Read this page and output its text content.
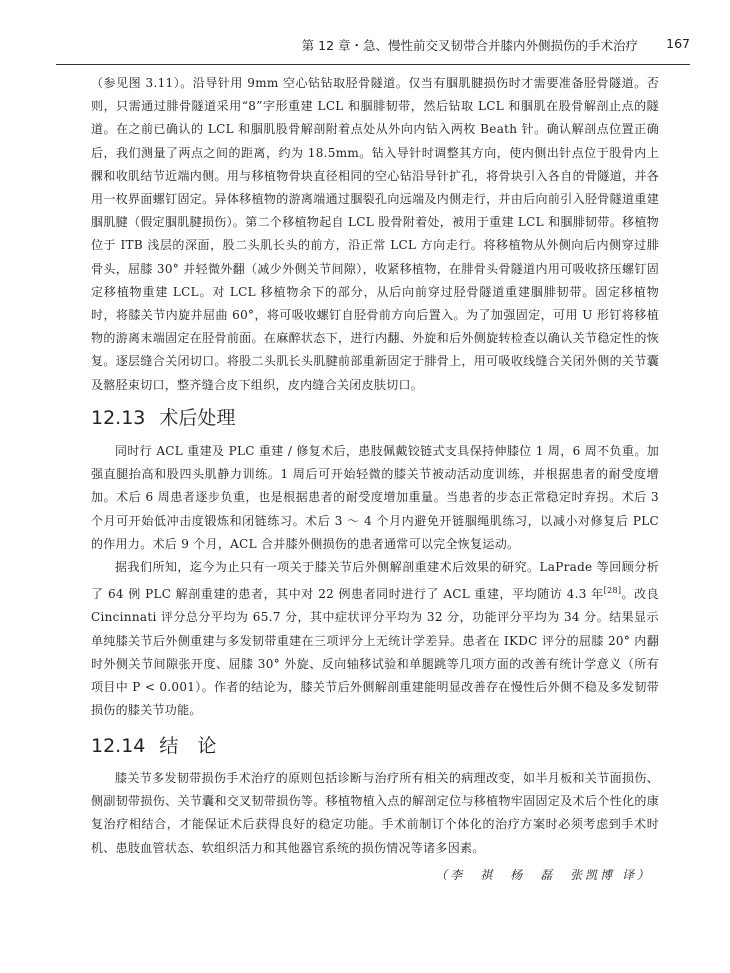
第 12 章・急、慢性前交叉韧带合并膝内外侧损伤的手术治疗 167

（参见图 3.11）。沿导针用 9mm 空心钻钻取胫骨隧道。仅当有腘肌腱损伤时才需要准备胫骨隧道。否则，只需通过腓骨隧道采用“8”字形重建 LCL 和腘腓韧带，然后钻取 LCL 和腘肌在股骨解剖止点的隧道。在之前已确认的 LCL 和腘肌股骨解剖附着点处从外向内钻入两枚 Beath 针。确认解剖点位置正确后，我们测量了两点之间的距离，约为 18.5mm。钻入导针时调整其方向，使内侧出针点位于股骨内上髁和收肌结节近端内侧。用与移植物骨块直径相同的空心钻沿导针扩孔，将骨块引入各自的骨隧道，并各用一枚界面螺钉固定。异体移植物的游离端通过腘裂孔向远端及内侧走行，并由后向前引入胫骨隧道重建腘肌腱（假定腘肌腱损伤）。第二个移植物起自 LCL 股骨附着处，被用于重建 LCL 和腘腓韧带。移植物位于 ITB 浅层的深面，股二头肌长头的前方，沿正常 LCL 方向走行。将移植物从外侧向后内侧穿过腓骨头，屈膝 30° 并轻微外翻（减少外侧关节间隙），收紧移植物，在腓骨头骨隧道内用可吸收挤压螺钉固定移植物重建 LCL。对 LCL 移植物余下的部分，从后向前穿过胫骨隧道重建腘腓韧带。固定移植物时，将膝关节内旋并屈曲 60°，将可吸收螺钉自胫骨前方向后置入。为了加强固定，可用 U 形钉将移植物的游离末端固定在胫骨前面。在麻醉状态下，进行内翻、外旋和后外侧旋转检查以确认关节稳定性的恢复。逐层缝合关闭切口。将股二头肌长头肌腱前部重新固定于腓骨上，用可吸收线缝合关闭外侧的关节囊及髂胫束切口，整齐缝合皮下组织，皮内缝合关闭皮肤切口。

12.13 术后处理

同时行 ACL 重建及 PLC 重建 / 修复术后，患肢佩戴铰链式支具保持伸膝位 1 周，6 周不负重。加强直腿抬高和股四头肌静力训练。1 周后可开始轻微的膝关节被动活动度训练，并根据患者的耐受度增加。术后 6 周患者逐步负重，也是根据患者的耐受度增加重量。当患者的步态正常稳定时弃拐。术后 3 个月可开始低冲击度锻炼和闭链练习。术后 3 ～ 4 个月内避免开链腘绳肌练习，以减小对修复后 PLC 的作用力。术后 9 个月，ACL 合并膝外侧损伤的患者通常可以完全恢复运动。

据我们所知，迄今为止只有一项关于膝关节后外侧解剖重建术后效果的研究。LaPrade 等回顾分析了 64 例 PLC 解剖重建的患者，其中对 22 例患者同时进行了 ACL 重建，平均随访 4.3 年[28]。改良 Cincinnati 评分总分平均为 65.7 分，其中症状评分平均为 32 分，功能评分平均为 34 分。结果显示单纯膝关节后外侧重建与多发韧带重建在三项评分上无统计学差异。患者在 IKDC 评分的屈膝 20° 内翻时外侧关节间隙张开度、屈膝 30° 外旋、反向轴移试验和单腿跳等几项方面的改善有统计学意义（所有项目中 P < 0.001）。作者的结论为，膝关节后外侧解剖重建能明显改善存在慢性后外侧不稳及多发韧带损伤的膝关节功能。

12.14 结　论

膝关节多发韧带损伤手术治疗的原则包括诊断与治疗所有相关的病理改变，如半月板和关节面损伤、侧副韧带损伤、关节囊和交叉韧带损伤等。移植物植入点的解剖定位与移植物牢固固定及术后个性化的康复治疗相结合，才能保证术后获得良好的稳定功能。手术前制订个体化的治疗方案时必须考虑到手术时机、患肢血管状态、软组织活力和其他器官系统的损伤情况等诸多因素。

（李　祺　杨　磊　张凯博 译）
